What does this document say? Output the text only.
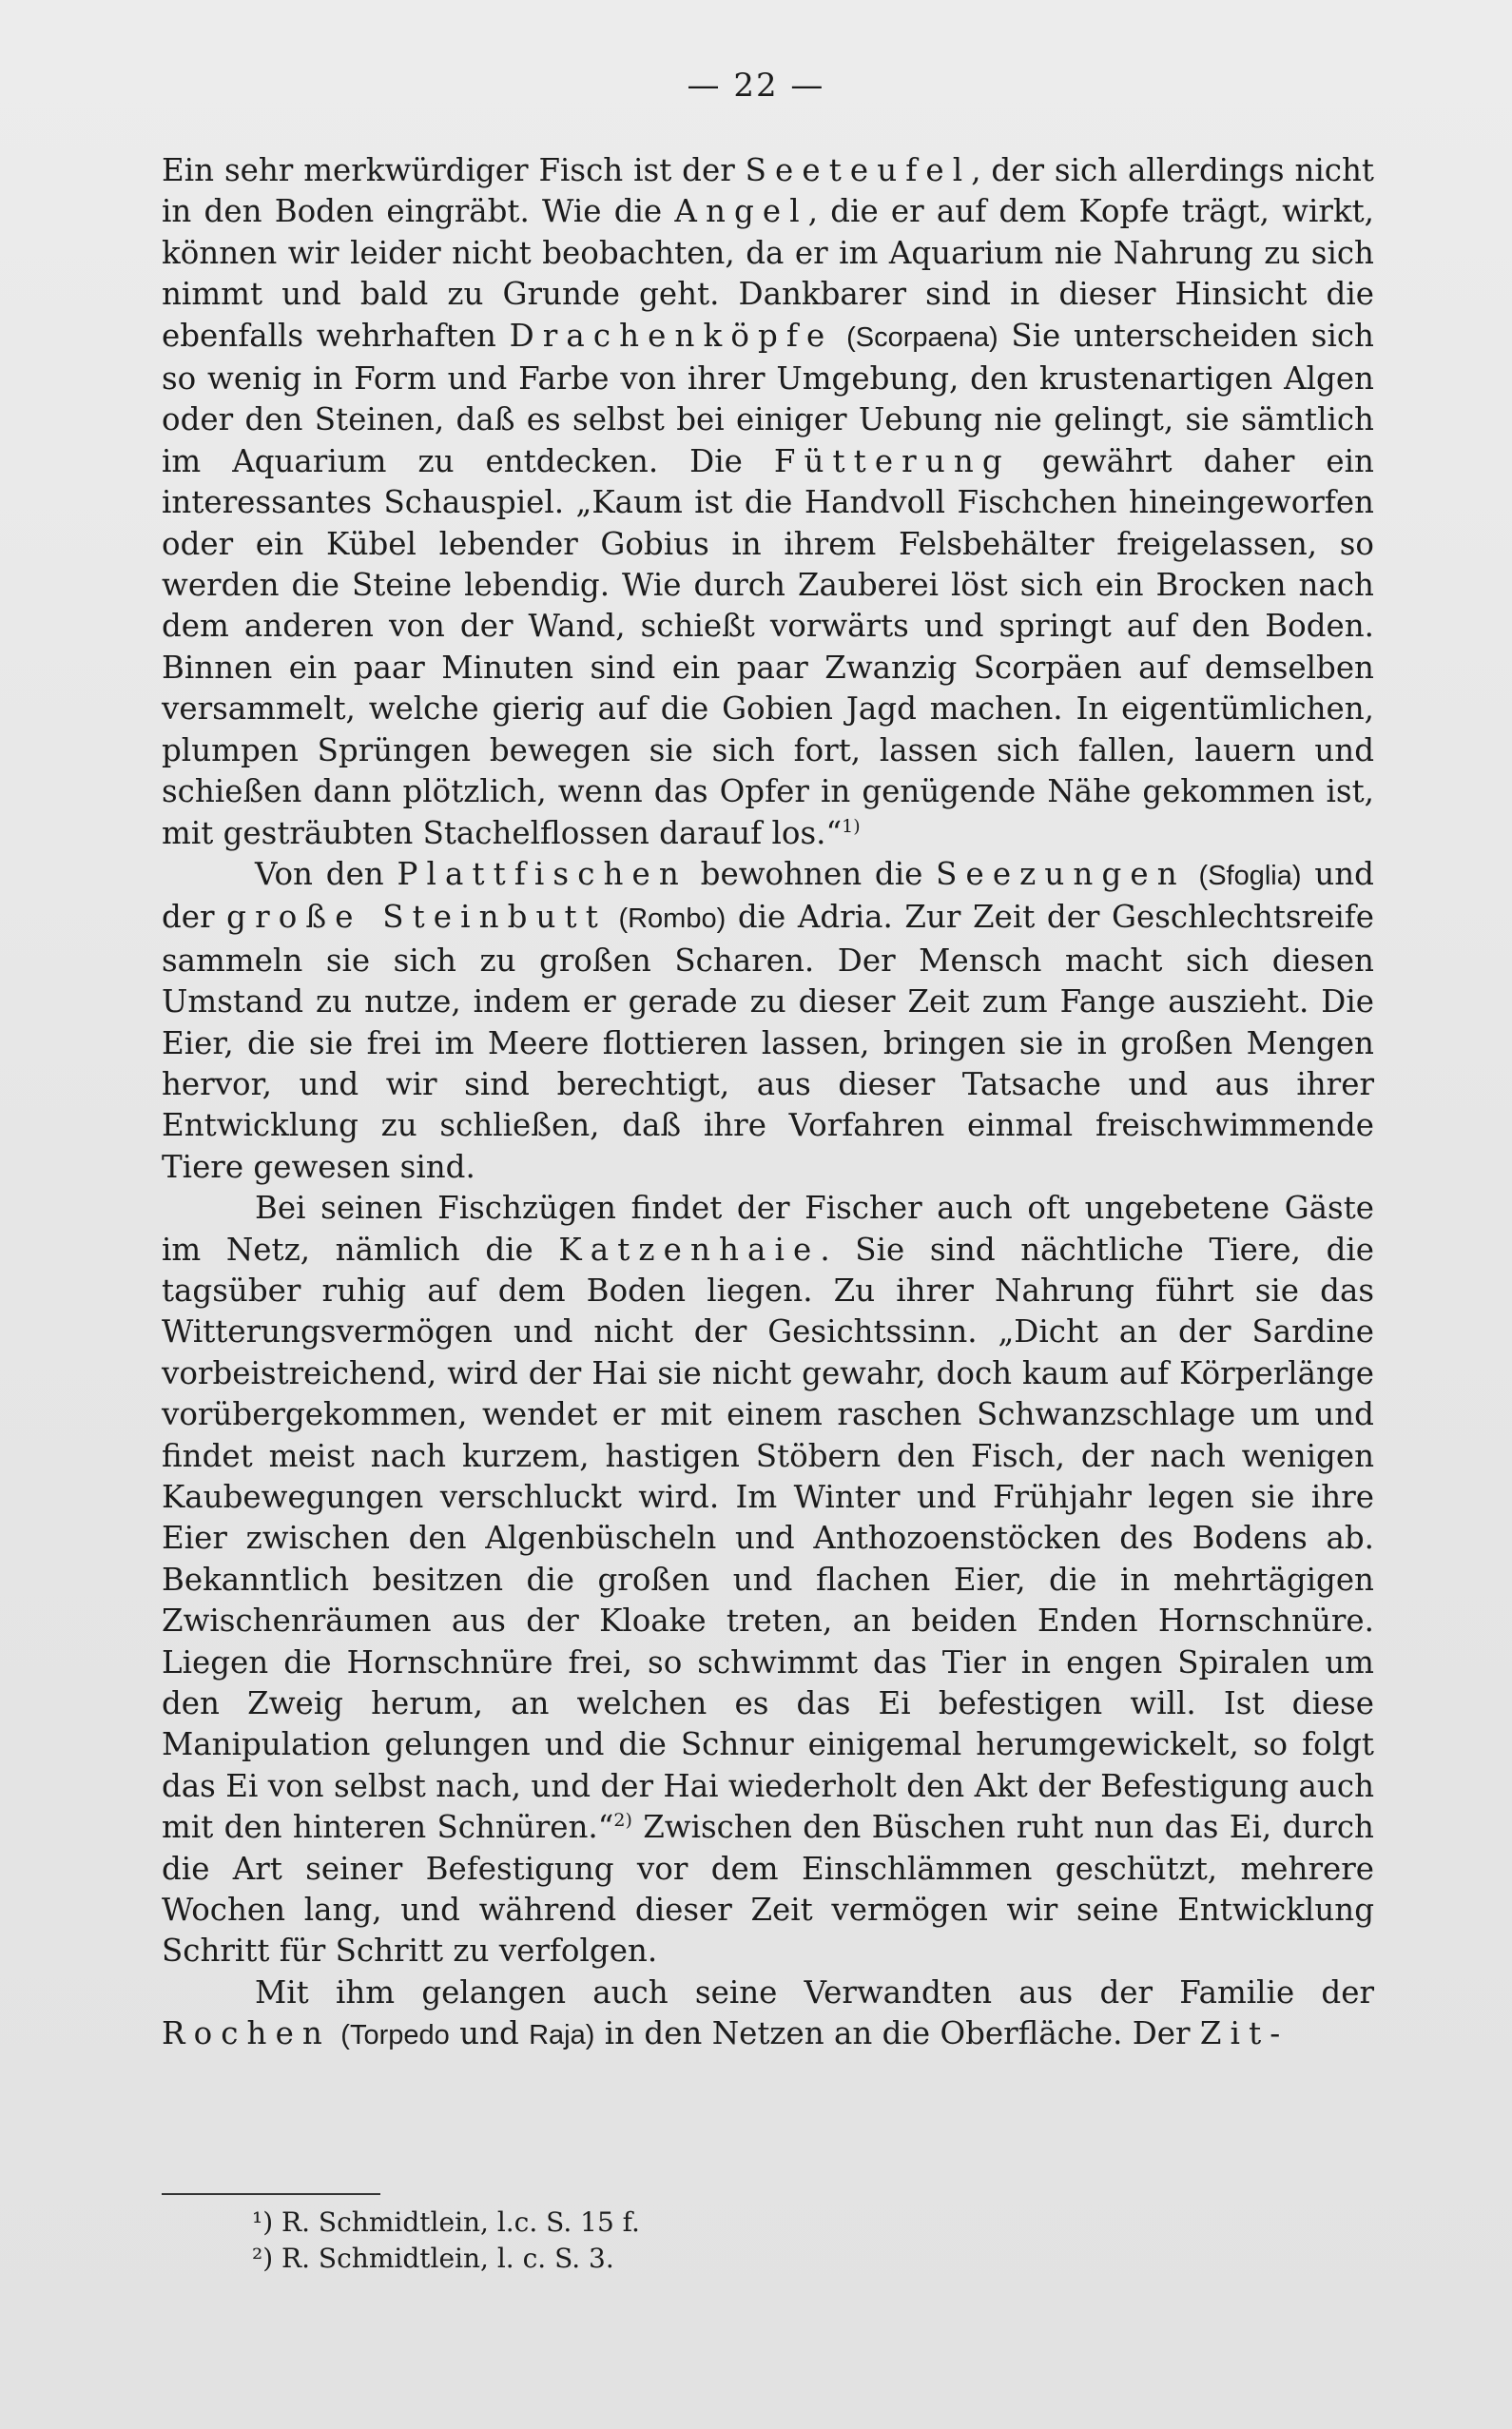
— 22 —

Ein sehr merkwürdiger Fisch ist der Seeteufel, der sich allerdings nicht in den Boden eingräbt. Wie die Angel, die er auf dem Kopfe trägt, wirkt, können wir leider nicht beobachten, da er im Aquarium nie Nahrung zu sich nimmt und bald zu Grunde geht. Dankbarer sind in dieser Hinsicht die ebenfalls wehrhaften Drachenköpfe (Scorpaena) Sie unterscheiden sich so wenig in Form und Farbe von ihrer Umgebung, den krustenartigen Algen oder den Steinen, daß es selbst bei einiger Uebung nie gelingt, sie sämtlich im Aquarium zu entdecken. Die Fütterung gewährt daher ein interessantes Schauspiel. „Kaum ist die Handvoll Fischchen hineingeworfen oder ein Kübel lebender Gobius in ihrem Felsbehälter freigelassen, so werden die Steine lebendig. Wie durch Zauberei löst sich ein Brocken nach dem anderen von der Wand, schießt vorwärts und springt auf den Boden. Binnen ein paar Minuten sind ein paar Zwanzig Scorpäen auf demselben versammelt, welche gierig auf die Gobien Jagd machen. In eigentümlichen, plumpen Sprüngen bewegen sie sich fort, lassen sich fallen, lauern und schießen dann plötzlich, wenn das Opfer in genügende Nähe gekommen ist, mit gesträubten Stachelflossen darauf los.“$^{1)}$

Von den Plattfischen bewohnen die Seezungen (Sfoglia) und der große Steinbutt (Rombo) die Adria. Zur Zeit der Geschlechtsreife sammeln sie sich zu großen Scharen. Der Mensch macht sich diesen Umstand zu nutze, indem er gerade zu dieser Zeit zum Fange auszieht. Die Eier, die sie frei im Meere flottieren lassen, bringen sie in großen Mengen hervor, und wir sind berechtigt, aus dieser Tatsache und aus ihrer Entwicklung zu schließen, daß ihre Vorfahren einmal freischwimmende Tiere gewesen sind.

Bei seinen Fischzügen findet der Fischer auch oft ungebetene Gäste im Netz, nämlich die Katzenhaie. Sie sind nächtliche Tiere, die tagsüber ruhig auf dem Boden liegen. Zu ihrer Nahrung führt sie das Witterungsvermögen und nicht der Gesichtssinn. „Dicht an der Sardine vorbeistreichend, wird der Hai sie nicht gewahr, doch kaum auf Körperlänge vorübergekommen, wendet er mit einem raschen Schwanzschlage um und findet meist nach kurzem, hastigen Stöbern den Fisch, der nach wenigen Kaubewegungen verschluckt wird. Im Winter und Frühjahr legen sie ihre Eier zwischen den Algenbüscheln und Anthozoenstöcken des Bodens ab. Bekanntlich besitzen die großen und flachen Eier, die in mehrtägigen Zwischenräumen aus der Kloake treten, an beiden Enden Hornschnüre. Liegen die Hornschnüre frei, so schwimmt das Tier in engen Spiralen um den Zweig herum, an welchen es das Ei befestigen will. Ist diese Manipulation gelungen und die Schnur einigemal herumgewickelt, so folgt das Ei von selbst nach, und der Hai wiederholt den Akt der Befestigung auch mit den hinteren Schnüren.“$^{2)}$ Zwischen den Büschen ruht nun das Ei, durch die Art seiner Befestigung vor dem Einschlämmen geschützt, mehrere Wochen lang, und während dieser Zeit vermögen wir seine Entwicklung Schritt für Schritt zu verfolgen.

Mit ihm gelangen auch seine Verwandten aus der Familie der Rochen (Torpedo und Raja) in den Netzen an die Oberfläche. Der Zit-

¹) R. Schmidtlein, l.c. S. 15 f.

²) R. Schmidtlein, l. c. S. 3.
